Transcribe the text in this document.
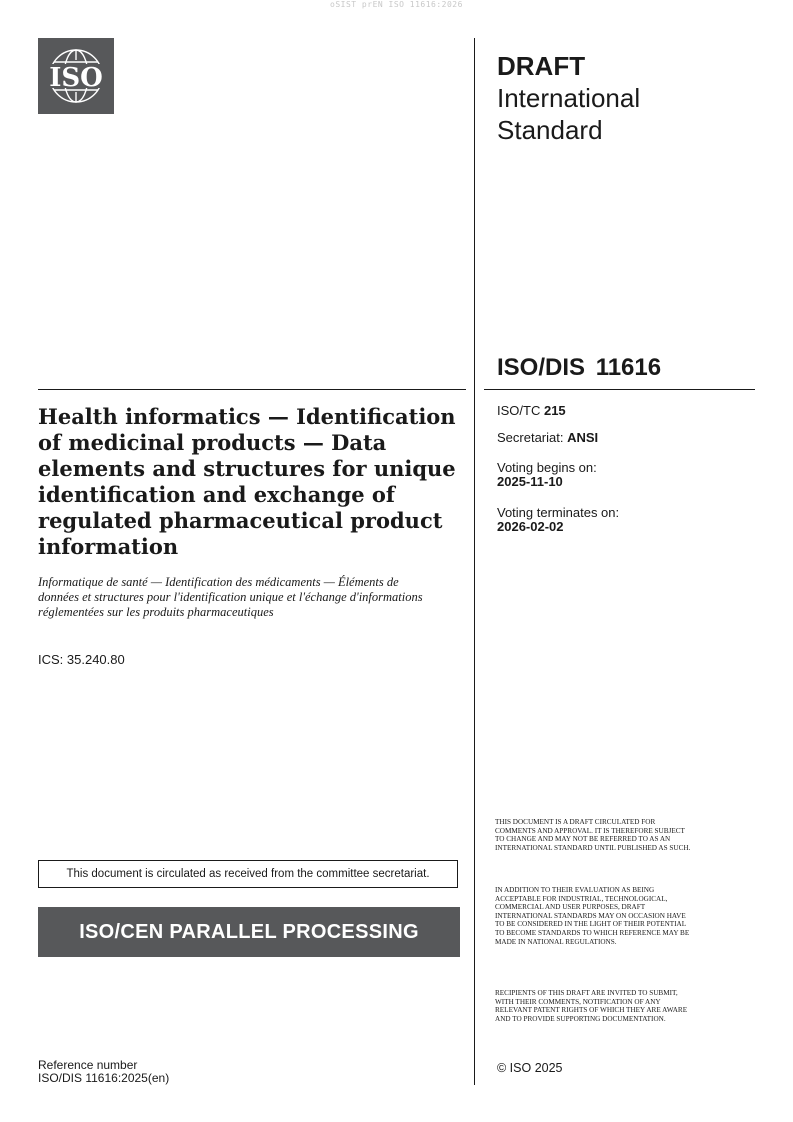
oSIST prEN ISO 11616:2026
ISO	DRAFT
International
Standard
ISO/DIS 11616
ISO/TC 215
Secretariat: ANSI
Voting begins on:
2025-11-10
Voting terminates on:
2026-02-02
Health informatics — Identification of medicinal products — Data elements and structures for unique identification and exchange of regulated pharmaceutical product information
Informatique de santé — Identification des médicaments — Éléments de données et structures pour l'identification unique et l'échange d'informations réglementées sur les produits pharmaceutiques
ICS: 35.240.80
This document is circulated as received from the committee secretariat.
ISO/CEN PARALLEL PROCESSING
Reference number
ISO/DIS 11616:2025(en)
THIS DOCUMENT IS A DRAFT CIRCULATED FOR COMMENTS AND APPROVAL. IT IS THEREFORE SUBJECT TO CHANGE AND MAY NOT BE REFERRED TO AS AN INTERNATIONAL STANDARD UNTIL PUBLISHED AS SUCH.
IN ADDITION TO THEIR EVALUATION AS BEING ACCEPTABLE FOR INDUSTRIAL, TECHNOLOGICAL, COMMERCIAL AND USER PURPOSES, DRAFT INTERNATIONAL STANDARDS MAY ON OCCASION HAVE TO BE CONSIDERED IN THE LIGHT OF THEIR POTENTIAL TO BECOME STANDARDS TO WHICH REFERENCE MAY BE MADE IN NATIONAL REGULATIONS.
RECIPIENTS OF THIS DRAFT ARE INVITED TO SUBMIT, WITH THEIR COMMENTS, NOTIFICATION OF ANY RELEVANT PATENT RIGHTS OF WHICH THEY ARE AWARE AND TO PROVIDE SUPPORTING DOCUMENTATION.
© ISO 2025
